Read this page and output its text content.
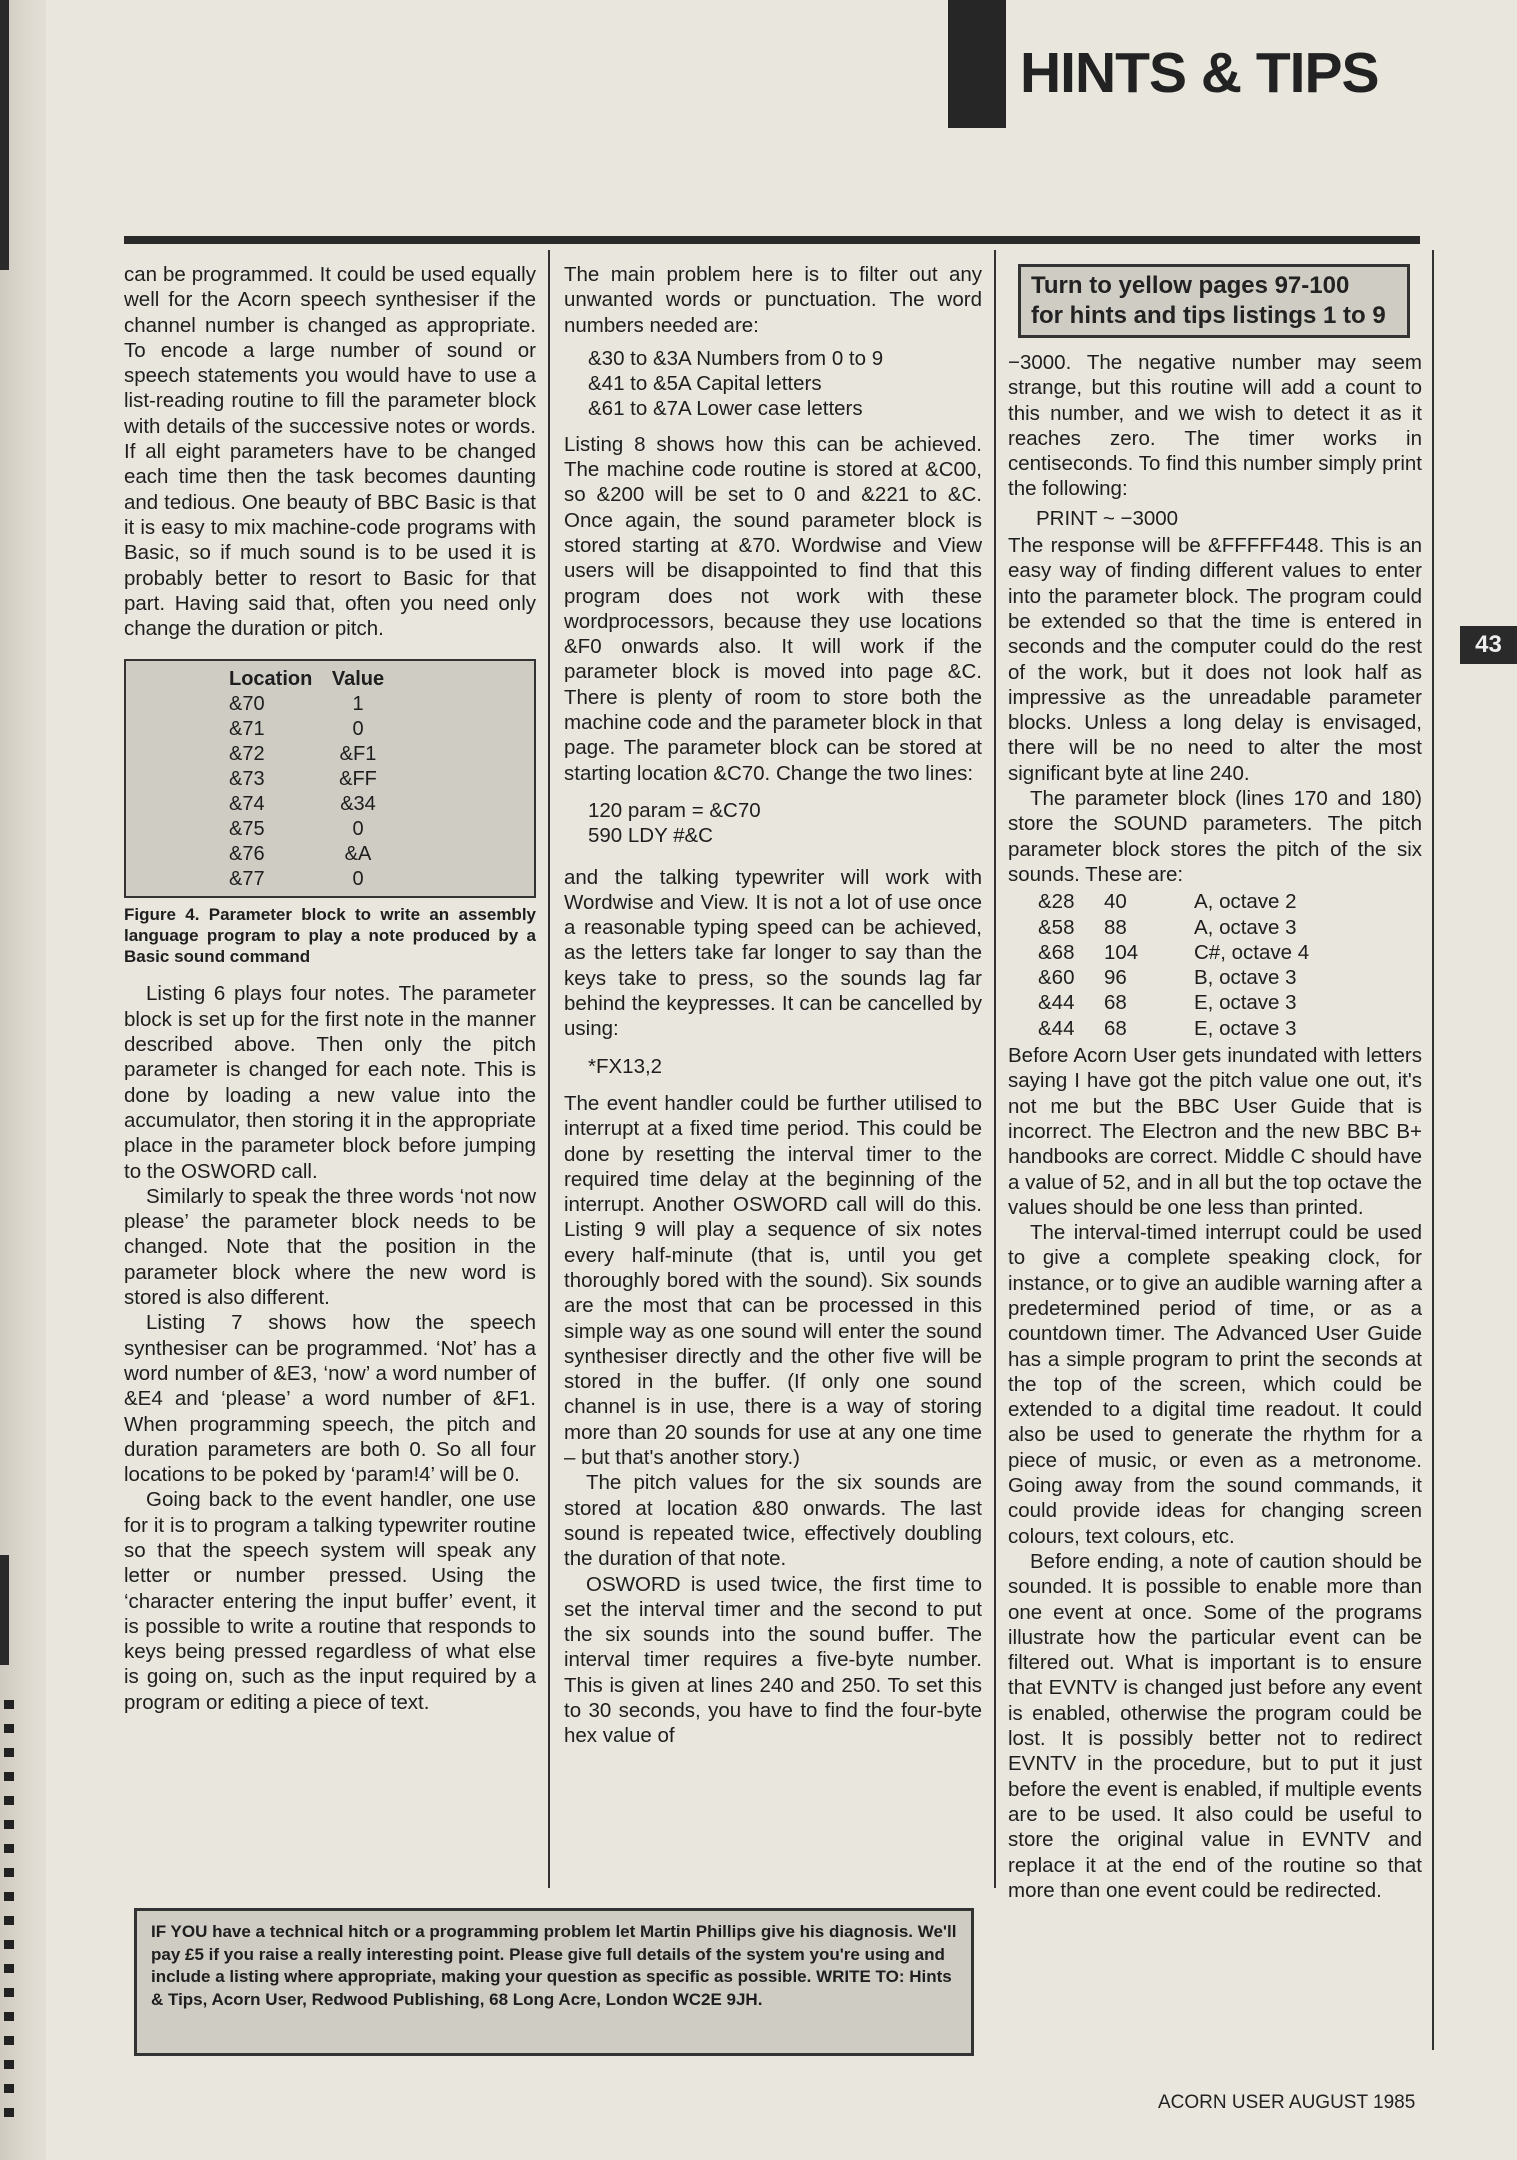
HINTS & TIPS
43

can be programmed. It could be used equally well for the Acorn speech synthesiser if the channel number is changed as appropriate. To encode a large number of sound or speech statements you would have to use a list-reading routine to fill the parameter block with details of the successive notes or words. If all eight parameters have to be changed each time then the task becomes daunting and tedious. One beauty of BBC Basic is that it is easy to mix machine-code programs with Basic, so if much sound is to be used it is probably better to resort to Basic for that part. Having said that, often you need only change the duration or pitch.

Location Value
&70	1
&71	0
&72	&F1
&73	&FF
&74	&34
&75	0
&76	&A
&77	0
Figure 4. Parameter block to write an assembly language program to play a note produced by a Basic sound command

Listing 6 plays four notes. The parameter block is set up for the first note in the manner described above. Then only the pitch parameter is changed for each note. This is done by loading a new value into the accumulator, then storing it in the appropriate place in the parameter block before jumping to the OSWORD call.

Similarly to speak the three words ‘not now please’ the parameter block needs to be changed. Note that the position in the parameter block where the new word is stored is also different.

Listing 7 shows how the speech synthesiser can be programmed. ‘Not’ has a word number of &E3, ‘now’ a word number of &E4 and ‘please’ a word number of &F1. When programming speech, the pitch and duration parameters are both 0. So all four locations to be poked by ‘param!4’ will be 0.

Going back to the event handler, one use for it is to program a talking typewriter routine so that the speech system will speak any letter or number pressed. Using the ‘character entering the input buffer’ event, it is possible to write a routine that responds to keys being pressed regardless of what else is going on, such as the input required by a program or editing a piece of text.

The main problem here is to filter out any unwanted words or punctuation. The word numbers needed are:

&30 to &3A Numbers from 0 to 9
&41 to &5A Capital letters
&61 to &7A Lower case letters

Listing 8 shows how this can be achieved. The machine code routine is stored at &C00, so &200 will be set to 0 and &221 to &C. Once again, the sound parameter block is stored starting at &70. Wordwise and View users will be disappointed to find that this program does not work with these wordprocessors, because they use locations &F0 onwards also. It will work if the parameter block is moved into page &C. There is plenty of room to store both the machine code and the parameter block in that page. The parameter block can be stored at starting location &C70. Change the two lines:

120 param = &C70
590 LDY #&C

and the talking typewriter will work with Wordwise and View. It is not a lot of use once a reasonable typing speed can be achieved, as the letters take far longer to say than the keys take to press, so the sounds lag far behind the keypresses. It can be cancelled by using:

*FX13,2

The event handler could be further utilised to interrupt at a fixed time period. This could be done by resetting the interval timer to the required time delay at the beginning of the interrupt. Another OSWORD call will do this. Listing 9 will play a sequence of six notes every half-minute (that is, until you get thoroughly bored with the sound). Six sounds are the most that can be processed in this simple way as one sound will enter the sound synthesiser directly and the other five will be stored in the buffer. (If only one sound channel is in use, there is a way of storing more than 20 sounds for use at any one time – but that's another story.)

The pitch values for the six sounds are stored at location &80 onwards. The last sound is repeated twice, effectively doubling the duration of that note.

OSWORD is used twice, the first time to set the interval timer and the second to put the six sounds into the sound buffer. The interval timer requires a five-byte number. This is given at lines 240 and 250. To set this to 30 seconds, you have to find the four-byte hex value of

Turn to yellow pages 97-100
for hints and tips listings 1 to 9

−3000. The negative number may seem strange, but this routine will add a count to this number, and we wish to detect it as it reaches zero. The timer works in centiseconds. To find this number simply print the following:

PRINT ~ −3000

The response will be &FFFFF448. This is an easy way of finding different values to enter into the parameter block. The program could be extended so that the time is entered in seconds and the computer could do the rest of the work, but it does not look half as impressive as the unreadable parameter blocks. Unless a long delay is envisaged, there will be no need to alter the most significant byte at line 240.

The parameter block (lines 170 and 180) store the SOUND parameters. The pitch parameter block stores the pitch of the six sounds. These are:

&28	40	A, octave 2
&58	88	A, octave 3
&68	104	C#, octave 4
&60	96	B, octave 3
&44	68	E, octave 3
&44	68	E, octave 3

Before Acorn User gets inundated with letters saying I have got the pitch value one out, it's not me but the BBC User Guide that is incorrect. The Electron and the new BBC B+ handbooks are correct. Middle C should have a value of 52, and in all but the top octave the values should be one less than printed.

The interval-timed interrupt could be used to give a complete speaking clock, for instance, or to give an audible warning after a predetermined period of time, or as a countdown timer. The Advanced User Guide has a simple program to print the seconds at the top of the screen, which could be extended to a digital time readout. It could also be used to generate the rhythm for a piece of music, or even as a metronome. Going away from the sound commands, it could provide ideas for changing screen colours, text colours, etc.

Before ending, a note of caution should be sounded. It is possible to enable more than one event at once. Some of the programs illustrate how the particular event can be filtered out. What is important is to ensure that EVNTV is changed just before any event is enabled, otherwise the program could be lost. It is possibly better not to redirect EVNTV in the procedure, but to put it just before the event is enabled, if multiple events are to be used. It also could be useful to store the original value in EVNTV and replace it at the end of the routine so that more than one event could be redirected.

IF YOU have a technical hitch or a programming problem let Martin Phillips give his diagnosis. We'll pay £5 if you raise a really interesting point. Please give full details of the system you're using and include a listing where appropriate, making your question as specific as possible. WRITE TO: Hints & Tips, Acorn User, Redwood Publishing, 68 Long Acre, London WC2E 9JH.

ACORN USER AUGUST 1985
